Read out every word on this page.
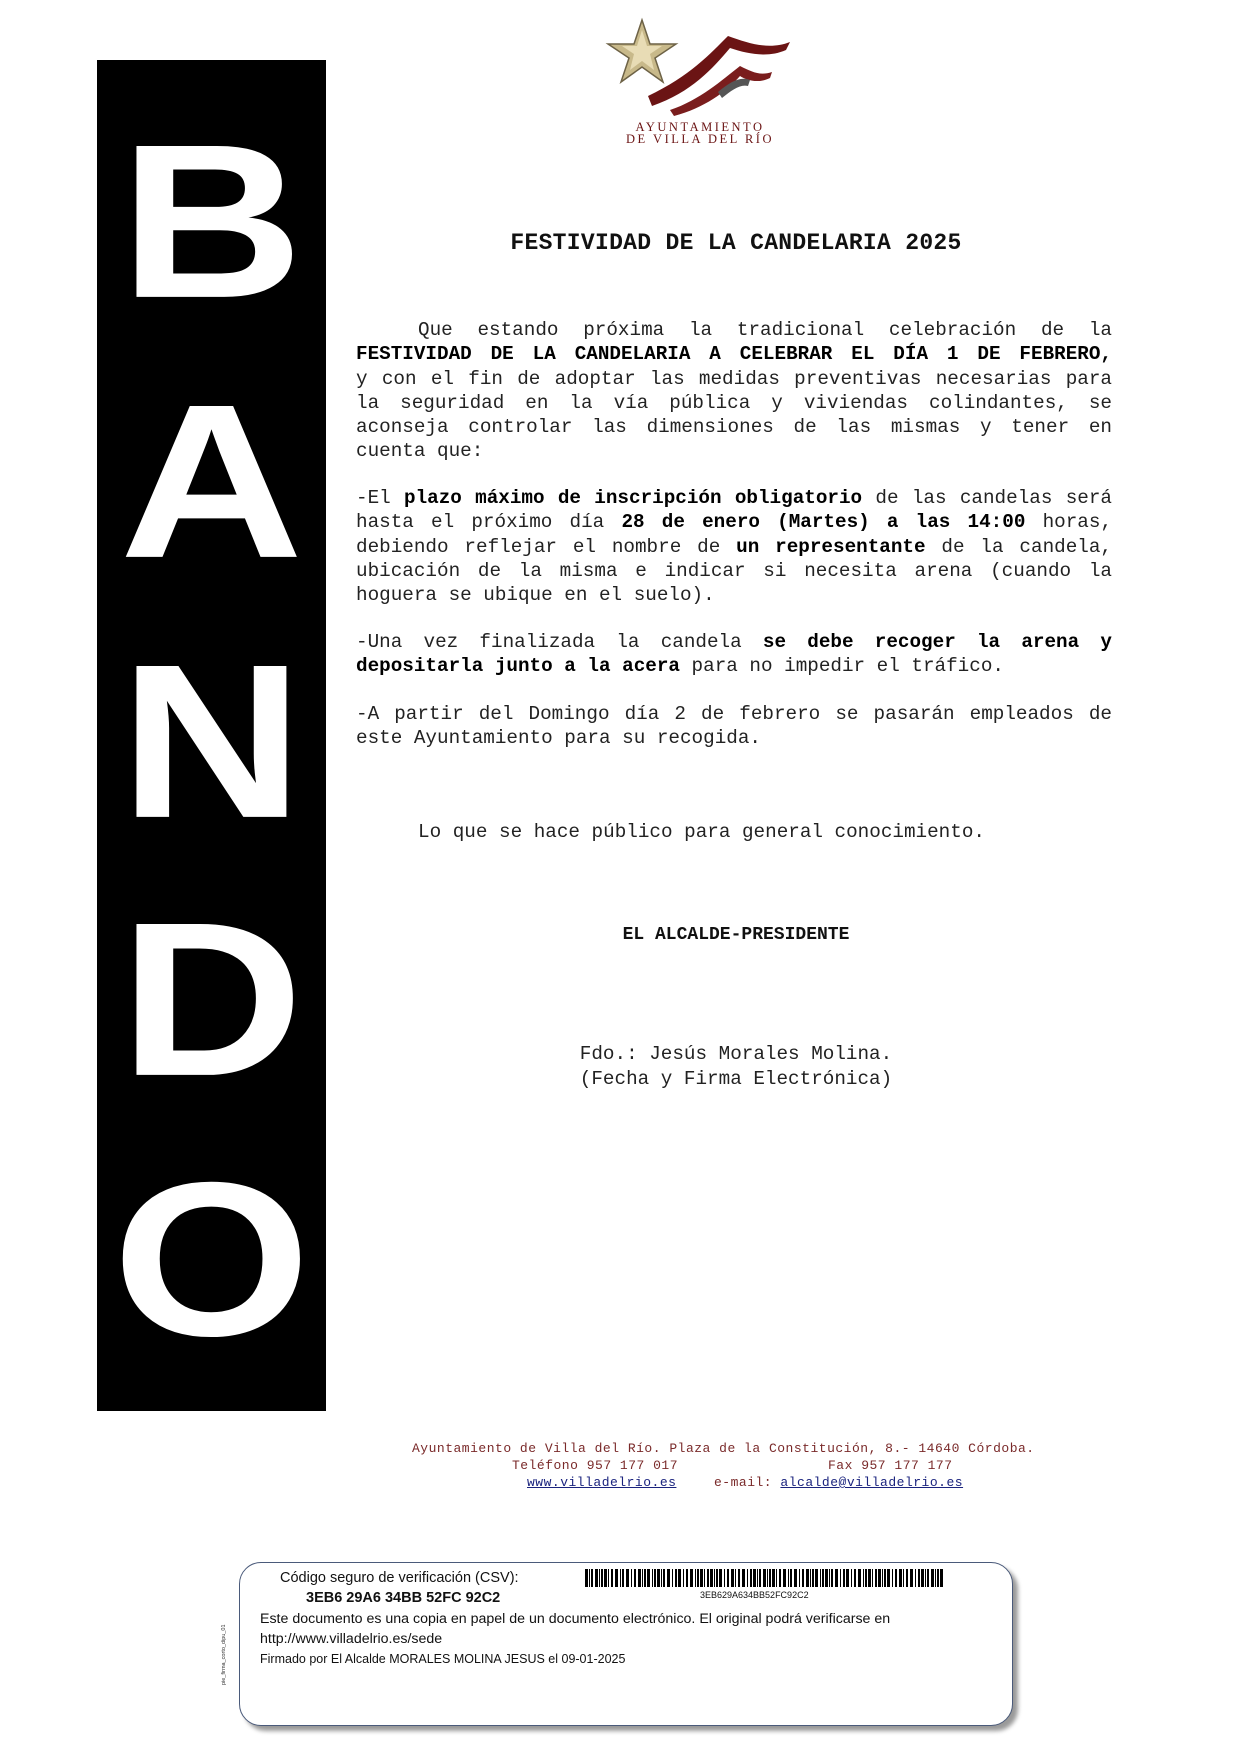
B
A
N
D
O
AYUNTAMIENTO
DE VILLA DEL RÍO
FESTIVIDAD DE LA CANDELARIA 2025
Que estando próxima la tradicional celebración de la
FESTIVIDAD DE LA CANDELARIA A CELEBRAR EL DÍA 1 DE FEBRERO,
y con el fin de adoptar las medidas preventivas necesarias para la seguridad en la vía pública y viviendas colindantes, se aconseja controlar las dimensiones de las mismas y tener en cuenta que:
-El plazo máximo de inscripción obligatorio de las candelas será hasta el próximo día 28 de enero (Martes) a las 14:00 horas, debiendo reflejar el nombre de un representante de la candela, ubicación de la misma e indicar si necesita arena (cuando la hoguera se ubique en el suelo).
-Una vez finalizada la candela se debe recoger la arena y depositarla junto a la acera para no impedir el tráfico.
-A partir del Domingo día 2 de febrero se pasarán empleados de este Ayuntamiento para su recogida.
Lo que se hace público para general conocimiento.
EL ALCALDE-PRESIDENTE
Fdo.: Jesús Morales Molina.
(Fecha y Firma Electrónica)
Ayuntamiento de Villa del Río. Plaza de la Constitución, 8.- 14640 Córdoba.
Teléfono 957 177 017	Fax 957 177 177
www.villadelrio.es	e-mail: alcalde@villadelrio.es
pie_firma_corto_dipu_01
Código seguro de verificación (CSV):
3EB6 29A6 34BB 52FC 92C2	3EB629A634BB52FC92C2
Este documento es una copia en papel de un documento electrónico. El original podrá verificarse en
http://www.villadelrio.es/sede
Firmado por El Alcalde MORALES MOLINA JESUS el 09-01-2025
